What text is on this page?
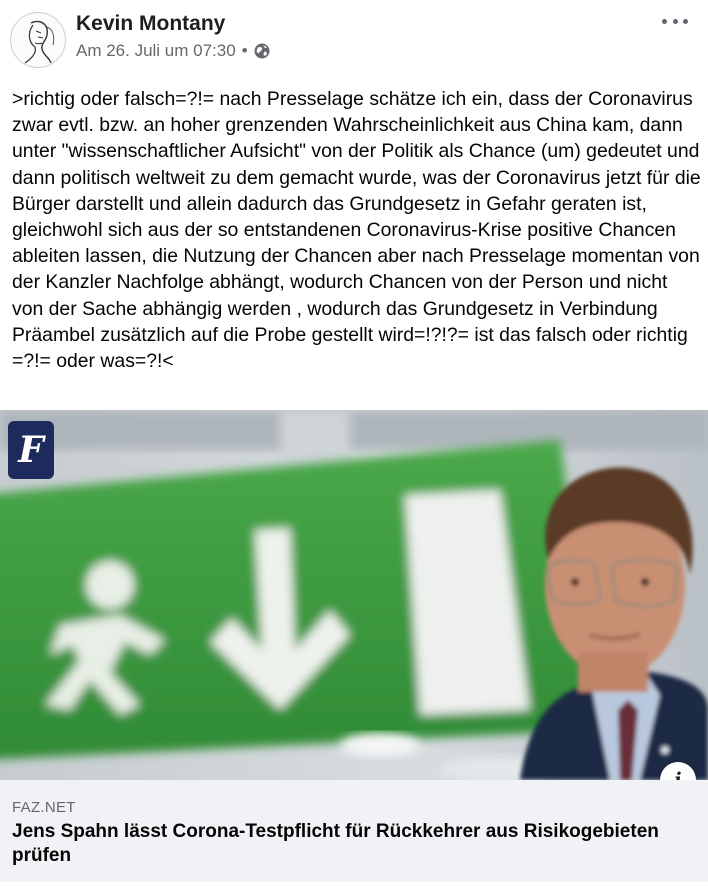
Kevin Montany
Am 26. Juli um 07:30 •
>richtig oder falsch=?!= nach Presselage schätze ich ein, dass der Coronavirus zwar evtl. bzw. an hoher grenzenden Wahrscheinlichkeit aus China kam, dann unter "wissenschaftlicher Aufsicht" von der Politik als Chance (um) gedeutet und dann politisch weltweit zu dem gemacht wurde, was der Coronavirus jetzt für die Bürger darstellt und allein dadurch das Grundgesetz in Gefahr geraten ist, gleichwohl sich aus der so entstandenen Coronavirus-Krise positive Chancen ableiten lassen, die Nutzung der Chancen aber nach Presselage momentan von der Kanzler Nachfolge abhängt, wodurch Chancen von der Person und nicht von der Sache abhängig werden , wodurch das Grundgesetz in Verbindung Präambel zusätzlich auf die Probe gestellt wird=!?!?= ist das falsch oder richtig =?!= oder was=?!<
F
FAZ.NET
Jens Spahn lässt Corona-Testpflicht für Rückkehrer aus Risikogebieten prüfen
